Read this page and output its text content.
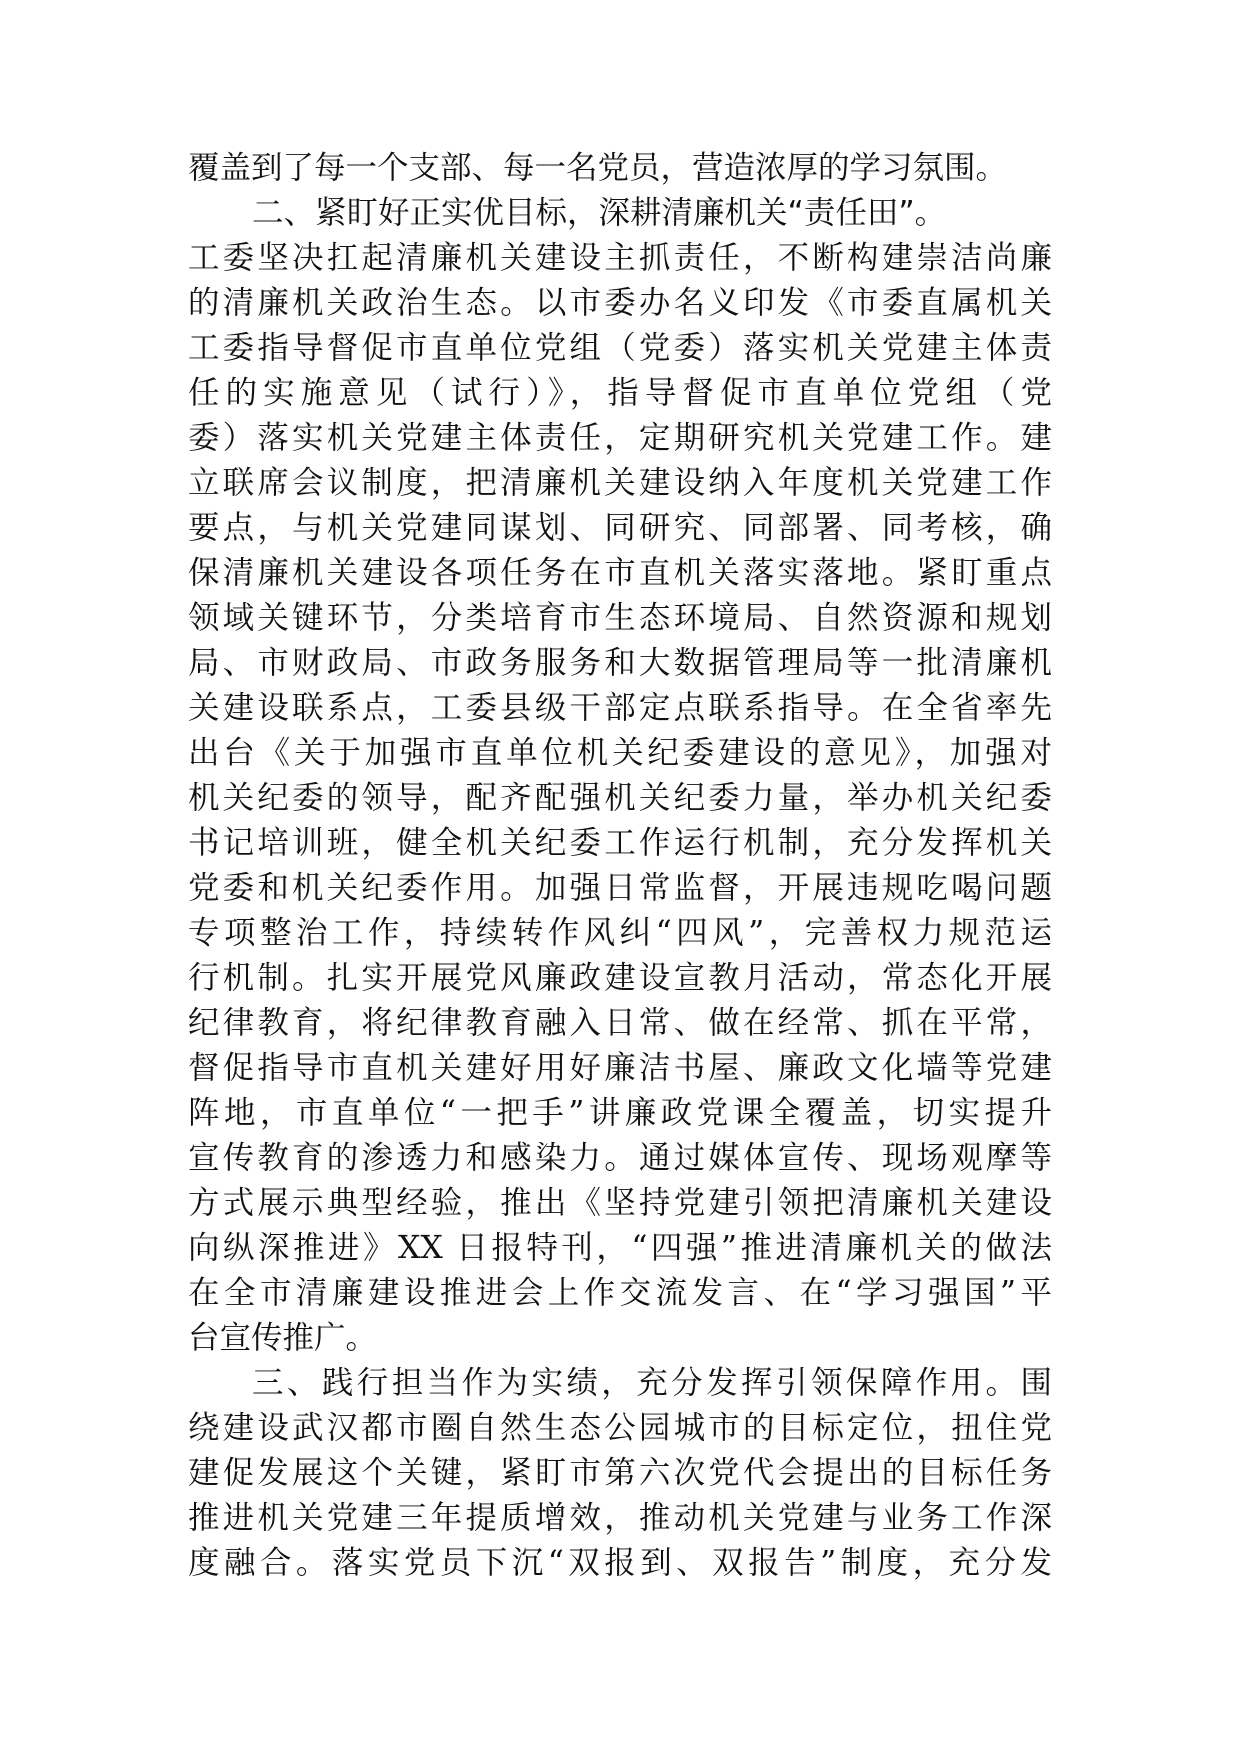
覆盖到了每一个支部、每一名党员，营造浓厚的学习氛围。
二、紧盯好正实优目标，深耕清廉机关“责任田”。
工委坚决扛起清廉机关建设主抓责任，不断构建崇洁尚廉
的清廉机关政治生态。以市委办名义印发《市委直属机关
工委指导督促市直单位党组（党委）落实机关党建主体责
任的实施意见（试行）》，指导督促市直单位党组（党
委）落实机关党建主体责任，定期研究机关党建工作。建
立联席会议制度，把清廉机关建设纳入年度机关党建工作
要点，与机关党建同谋划、同研究、同部署、同考核，确
保清廉机关建设各项任务在市直机关落实落地。紧盯重点
领域关键环节，分类培育市生态环境局、自然资源和规划
局、市财政局、市政务服务和大数据管理局等一批清廉机
关建设联系点，工委县级干部定点联系指导。在全省率先
出台《关于加强市直单位机关纪委建设的意见》，加强对
机关纪委的领导，配齐配强机关纪委力量，举办机关纪委
书记培训班，健全机关纪委工作运行机制，充分发挥机关
党委和机关纪委作用。加强日常监督，开展违规吃喝问题
专项整治工作，持续转作风纠“四风”，完善权力规范运
行机制。扎实开展党风廉政建设宣教月活动，常态化开展
纪律教育，将纪律教育融入日常、做在经常、抓在平常，
督促指导市直机关建好用好廉洁书屋、廉政文化墙等党建
阵地，市直单位“一把手”讲廉政党课全覆盖，切实提升
宣传教育的渗透力和感染力。通过媒体宣传、现场观摩等
方式展示典型经验，推出《坚持党建引领把清廉机关建设
向纵深推进》XX 日报特刊，“四强”推进清廉机关的做法
在全市清廉建设推进会上作交流发言、在“学习强国”平
台宣传推广。
三、践行担当作为实绩，充分发挥引领保障作用。围
绕建设武汉都市圈自然生态公园城市的目标定位，扭住党
建促发展这个关键，紧盯市第六次党代会提出的目标任务
推进机关党建三年提质增效，推动机关党建与业务工作深
度融合。落实党员下沉“双报到、双报告”制度，充分发
